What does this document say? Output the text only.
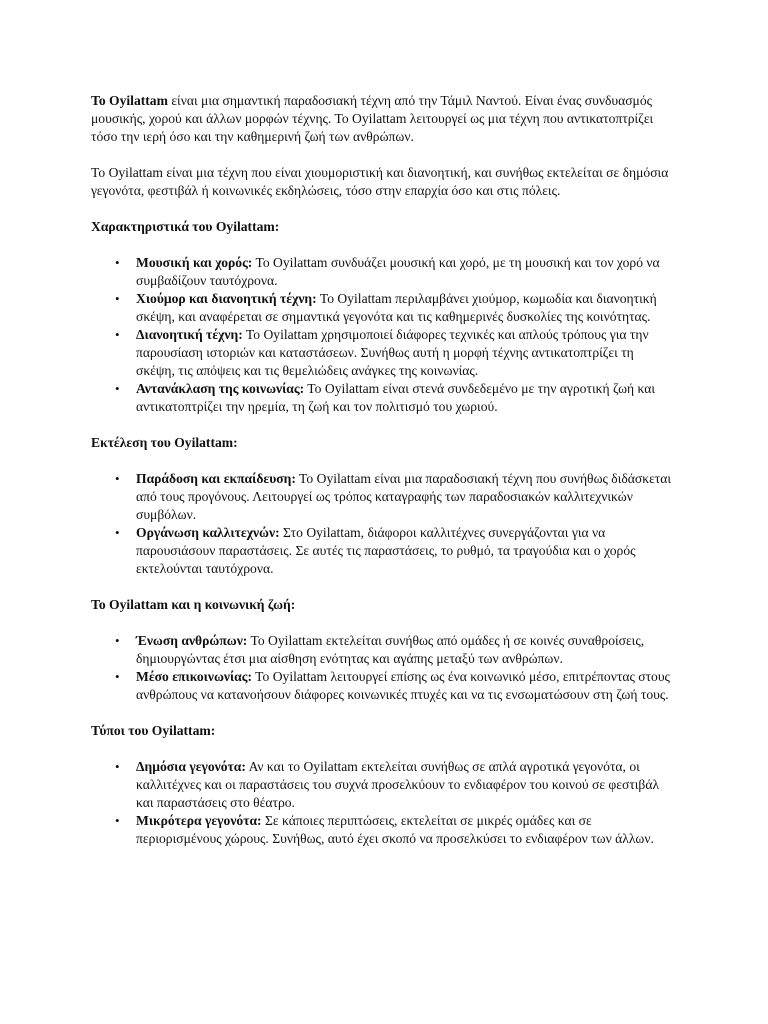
Το Oyilattam είναι μια σημαντική παραδοσιακή τέχνη από την Τάμιλ Ναντού. Είναι ένας συνδυασμός μουσικής, χορού και άλλων μορφών τέχνης. Το Oyilattam λειτουργεί ως μια τέχνη που αντικατοπτρίζει τόσο την ιερή όσο και την καθημερινή ζωή των ανθρώπων.

Το Oyilattam είναι μια τέχνη που είναι χιουμοριστική και διανοητική, και συνήθως εκτελείται σε δημόσια γεγονότα, φεστιβάλ ή κοινωνικές εκδηλώσεις, τόσο στην επαρχία όσο και στις πόλεις.

Χαρακτηριστικά του Oyilattam:

• Μουσική και χορός: Το Oyilattam συνδυάζει μουσική και χορό, με τη μουσική και τον χορό να συμβαδίζουν ταυτόχρονα.
• Χιούμορ και διανοητική τέχνη: Το Oyilattam περιλαμβάνει χιούμορ, κωμωδία και διανοητική σκέψη, και αναφέρεται σε σημαντικά γεγονότα και τις καθημερινές δυσκολίες της κοινότητας.
• Διανοητική τέχνη: Το Oyilattam χρησιμοποιεί διάφορες τεχνικές και απλούς τρόπους για την παρουσίαση ιστοριών και καταστάσεων. Συνήθως αυτή η μορφή τέχνης αντικατοπτρίζει τη σκέψη, τις απόψεις και τις θεμελιώδεις ανάγκες της κοινωνίας.
• Αντανάκλαση της κοινωνίας: Το Oyilattam είναι στενά συνδεδεμένο με την αγροτική ζωή και αντικατοπτρίζει την ηρεμία, τη ζωή και τον πολιτισμό του χωριού.

Εκτέλεση του Oyilattam:

• Παράδοση και εκπαίδευση: Το Oyilattam είναι μια παραδοσιακή τέχνη που συνήθως διδάσκεται από τους προγόνους. Λειτουργεί ως τρόπος καταγραφής των παραδοσιακών καλλιτεχνικών συμβόλων.
• Οργάνωση καλλιτεχνών: Στο Oyilattam, διάφοροι καλλιτέχνες συνεργάζονται για να παρουσιάσουν παραστάσεις. Σε αυτές τις παραστάσεις, το ρυθμό, τα τραγούδια και ο χορός εκτελούνται ταυτόχρονα.

Το Oyilattam και η κοινωνική ζωή:

• Ένωση ανθρώπων: Το Oyilattam εκτελείται συνήθως από ομάδες ή σε κοινές συναθροίσεις, δημιουργώντας έτσι μια αίσθηση ενότητας και αγάπης μεταξύ των ανθρώπων.
• Μέσο επικοινωνίας: Το Oyilattam λειτουργεί επίσης ως ένα κοινωνικό μέσο, επιτρέποντας στους ανθρώπους να κατανοήσουν διάφορες κοινωνικές πτυχές και να τις ενσωματώσουν στη ζωή τους.

Τύποι του Oyilattam:

• Δημόσια γεγονότα: Αν και το Oyilattam εκτελείται συνήθως σε απλά αγροτικά γεγονότα, οι καλλιτέχνες και οι παραστάσεις του συχνά προσελκύουν το ενδιαφέρον του κοινού σε φεστιβάλ και παραστάσεις στο θέατρο.
• Μικρότερα γεγονότα: Σε κάποιες περιπτώσεις, εκτελείται σε μικρές ομάδες και σε περιορισμένους χώρους. Συνήθως, αυτό έχει σκοπό να προσελκύσει το ενδιαφέρον των άλλων.
